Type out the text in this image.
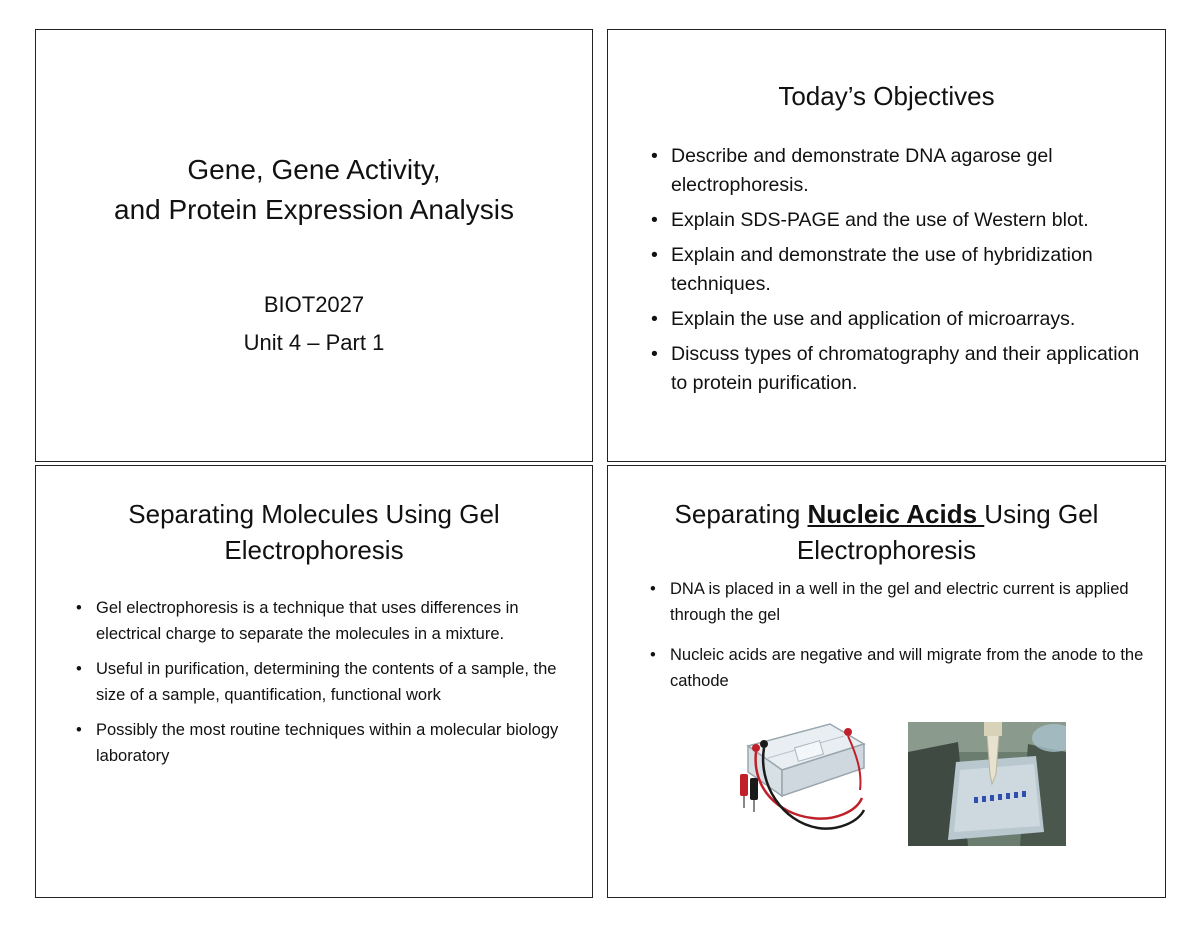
Gene, Gene Activity,
and Protein Expression Analysis
BIOT2027
Unit 4 – Part 1
Today’s Objectives
• Describe and demonstrate DNA agarose gel electrophoresis.
• Explain SDS-PAGE and the use of Western blot.
• Explain and demonstrate the use of hybridization techniques.
• Explain the use and application of microarrays.
• Discuss types of chromatography and their application to protein purification.
Separating Molecules Using Gel Electrophoresis
• Gel electrophoresis is a technique that uses differences in electrical charge to separate the molecules in a mixture.
• Useful in purification, determining the contents of a sample, the size of a sample, quantification, functional work
• Possibly the most routine techniques within a molecular biology laboratory
Separating Nucleic Acids Using Gel Electrophoresis
• DNA is placed in a well in the gel and electric current is applied through the gel
• Nucleic acids are negative and will migrate from the anode to the cathode
